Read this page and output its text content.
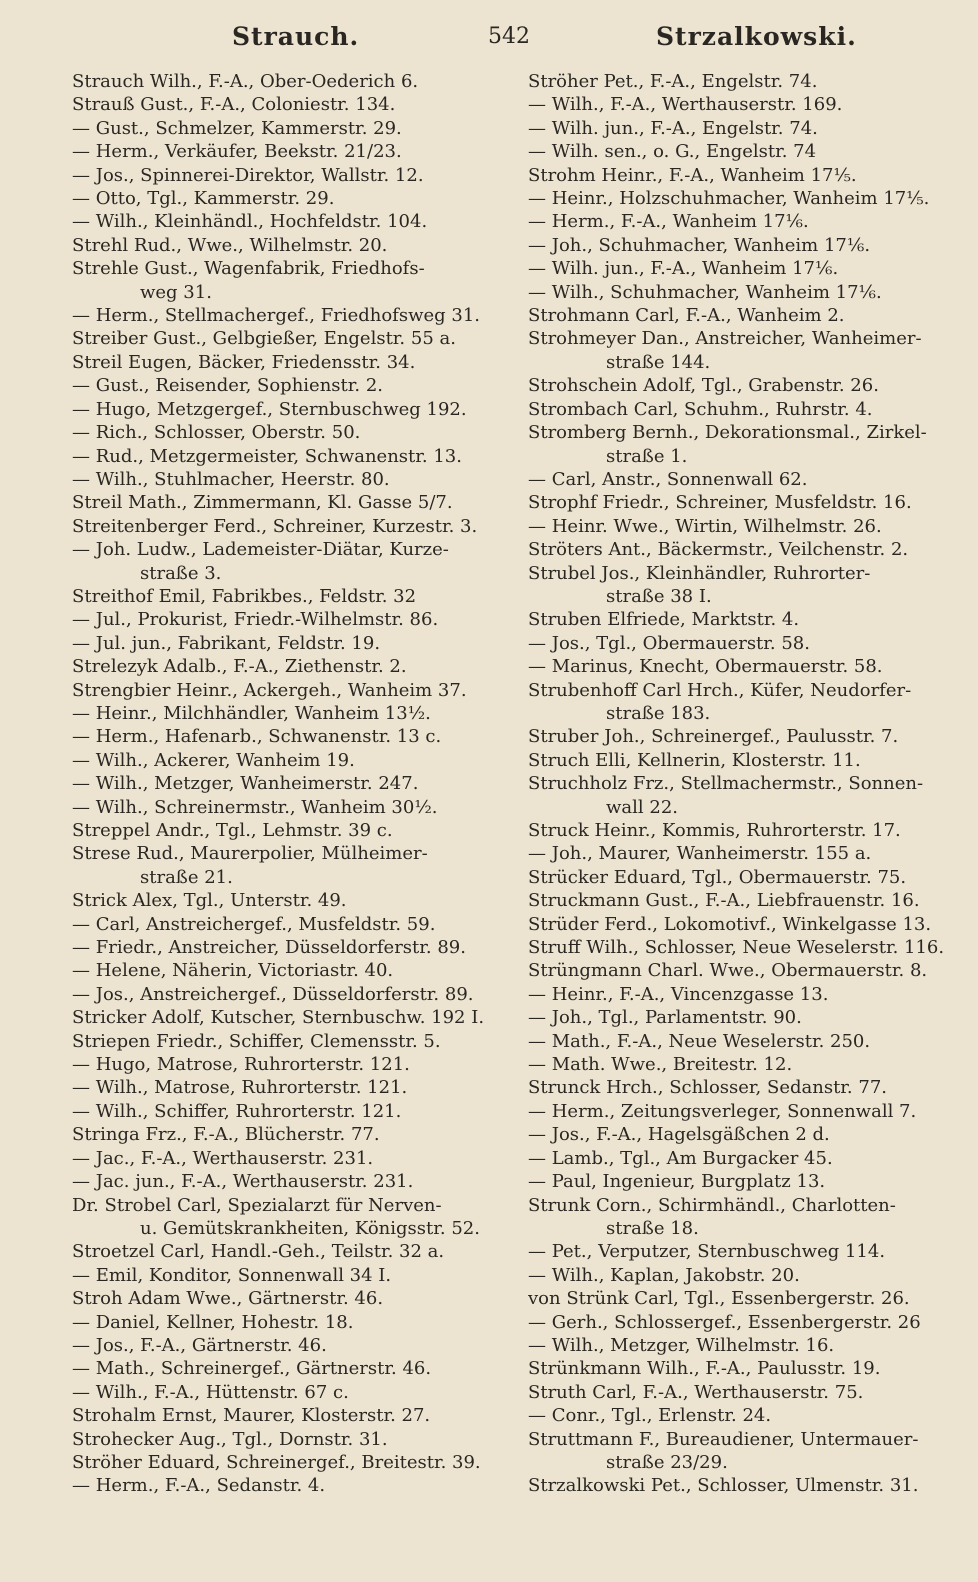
Strauch.	542	Strzalkowski.
Strauch Wilh., F.-A., Ober-Oederich 6.
Strauß Gust., F.-A., Coloniestr. 134.
— Gust., Schmelzer, Kammerstr. 29.
— Herm., Verkäufer, Beekstr. 21/23.
— Jos., Spinnerei-Direktor, Wallstr. 12.
— Otto, Tgl., Kammerstr. 29.
— Wilh., Kleinhändl., Hochfeldstr. 104.
Strehl Rud., Wwe., Wilhelmstr. 20.
Strehle Gust., Wagenfabrik, Friedhofs-
weg 31.
— Herm., Stellmachergef., Friedhofsweg 31.
Streiber Gust., Gelbgießer, Engelstr. 55 a.
Streil Eugen, Bäcker, Friedensstr. 34.
— Gust., Reisender, Sophienstr. 2.
— Hugo, Metzgergef., Sternbuschweg 192.
— Rich., Schlosser, Oberstr. 50.
— Rud., Metzgermeister, Schwanenstr. 13.
— Wilh., Stuhlmacher, Heerstr. 80.
Streil Math., Zimmermann, Kl. Gasse 5/7.
Streitenberger Ferd., Schreiner, Kurzestr. 3.
— Joh. Ludw., Lademeister-Diätar, Kurze-
straße 3.
Streithof Emil, Fabrikbes., Feldstr. 32
— Jul., Prokurist, Friedr.-Wilhelmstr. 86.
— Jul. jun., Fabrikant, Feldstr. 19.
Strelezyk Adalb., F.-A., Ziethenstr. 2.
Strengbier Heinr., Ackergeh., Wanheim 37.
— Heinr., Milchhändler, Wanheim 13½.
— Herm., Hafenarb., Schwanenstr. 13 c.
— Wilh., Ackerer, Wanheim 19.
— Wilh., Metzger, Wanheimerstr. 247.
— Wilh., Schreinermstr., Wanheim 30½.
Streppel Andr., Tgl., Lehmstr. 39 c.
Strese Rud., Maurerpolier, Mülheimer-
straße 21.
Strick Alex, Tgl., Unterstr. 49.
— Carl, Anstreichergef., Musfeldstr. 59.
— Friedr., Anstreicher, Düsseldorferstr. 89.
— Helene, Näherin, Victoriastr. 40.
— Jos., Anstreichergef., Düsseldorferstr. 89.
Stricker Adolf, Kutscher, Sternbuschw. 192 I.
Striepen Friedr., Schiffer, Clemensstr. 5.
— Hugo, Matrose, Ruhrorterstr. 121.
— Wilh., Matrose, Ruhrorterstr. 121.
— Wilh., Schiffer, Ruhrorterstr. 121.
Stringa Frz., F.-A., Blücherstr. 77.
— Jac., F.-A., Werthauserstr. 231.
— Jac. jun., F.-A., Werthauserstr. 231.
Dr. Strobel Carl, Spezialarzt für Nerven-
u. Gemütskrankheiten, Königsstr. 52.
Stroetzel Carl, Handl.-Geh., Teilstr. 32 a.
— Emil, Konditor, Sonnenwall 34 I.
Stroh Adam Wwe., Gärtnerstr. 46.
— Daniel, Kellner, Hohestr. 18.
— Jos., F.-A., Gärtnerstr. 46.
— Math., Schreinergef., Gärtnerstr. 46.
— Wilh., F.-A., Hüttenstr. 67 c.
Strohalm Ernst, Maurer, Klosterstr. 27.
Strohecker Aug., Tgl., Dornstr. 31.
Ströher Eduard, Schreinergef., Breitestr. 39.
— Herm., F.-A., Sedanstr. 4.
Ströher Pet., F.-A., Engelstr. 74.
— Wilh., F.-A., Werthauserstr. 169.
— Wilh. jun., F.-A., Engelstr. 74.
— Wilh. sen., o. G., Engelstr. 74
Strohm Heinr., F.-A., Wanheim 17⅕.
— Heinr., Holzschuhmacher, Wanheim 17⅕.
— Herm., F.-A., Wanheim 17⅙.
— Joh., Schuhmacher, Wanheim 17⅙.
— Wilh. jun., F.-A., Wanheim 17⅙.
— Wilh., Schuhmacher, Wanheim 17⅙.
Strohmann Carl, F.-A., Wanheim 2.
Strohmeyer Dan., Anstreicher, Wanheimer-
straße 144.
Strohschein Adolf, Tgl., Grabenstr. 26.
Strombach Carl, Schuhm., Ruhrstr. 4.
Stromberg Bernh., Dekorationsmal., Zirkel-
straße 1.
— Carl, Anstr., Sonnenwall 62.
Strophf Friedr., Schreiner, Musfeldstr. 16.
— Heinr. Wwe., Wirtin, Wilhelmstr. 26.
Ströters Ant., Bäckermstr., Veilchenstr. 2.
Strubel Jos., Kleinhändler, Ruhrorter-
straße 38 I.
Struben Elfriede, Marktstr. 4.
— Jos., Tgl., Obermauerstr. 58.
— Marinus, Knecht, Obermauerstr. 58.
Strubenhoff Carl Hrch., Küfer, Neudorfer-
straße 183.
Struber Joh., Schreinergef., Paulusstr. 7.
Struch Elli, Kellnerin, Klosterstr. 11.
Struchholz Frz., Stellmachermstr., Sonnen-
wall 22.
Struck Heinr., Kommis, Ruhrorterstr. 17.
— Joh., Maurer, Wanheimerstr. 155 a.
Strücker Eduard, Tgl., Obermauerstr. 75.
Struckmann Gust., F.-A., Liebfrauenstr. 16.
Strüder Ferd., Lokomotivf., Winkelgasse 13.
Struff Wilh., Schlosser, Neue Weselerstr. 116.
Strüngmann Charl. Wwe., Obermauerstr. 8.
— Heinr., F.-A., Vincenzgasse 13.
— Joh., Tgl., Parlamentstr. 90.
— Math., F.-A., Neue Weselerstr. 250.
— Math. Wwe., Breitestr. 12.
Strunck Hrch., Schlosser, Sedanstr. 77.
— Herm., Zeitungsverleger, Sonnenwall 7.
— Jos., F.-A., Hagelsgäßchen 2 d.
— Lamb., Tgl., Am Burgacker 45.
— Paul, Ingenieur, Burgplatz 13.
Strunk Corn., Schirmhändl., Charlotten-
straße 18.
— Pet., Verputzer, Sternbuschweg 114.
— Wilh., Kaplan, Jakobstr. 20.
von Strünk Carl, Tgl., Essenbergerstr. 26.
— Gerh., Schlossergef., Essenbergerstr. 26
— Wilh., Metzger, Wilhelmstr. 16.
Strünkmann Wilh., F.-A., Paulusstr. 19.
Struth Carl, F.-A., Werthauserstr. 75.
— Conr., Tgl., Erlenstr. 24.
Struttmann F., Bureaudiener, Untermauer-
straße 23/29.
Strzalkowski Pet., Schlosser, Ulmenstr. 31.
